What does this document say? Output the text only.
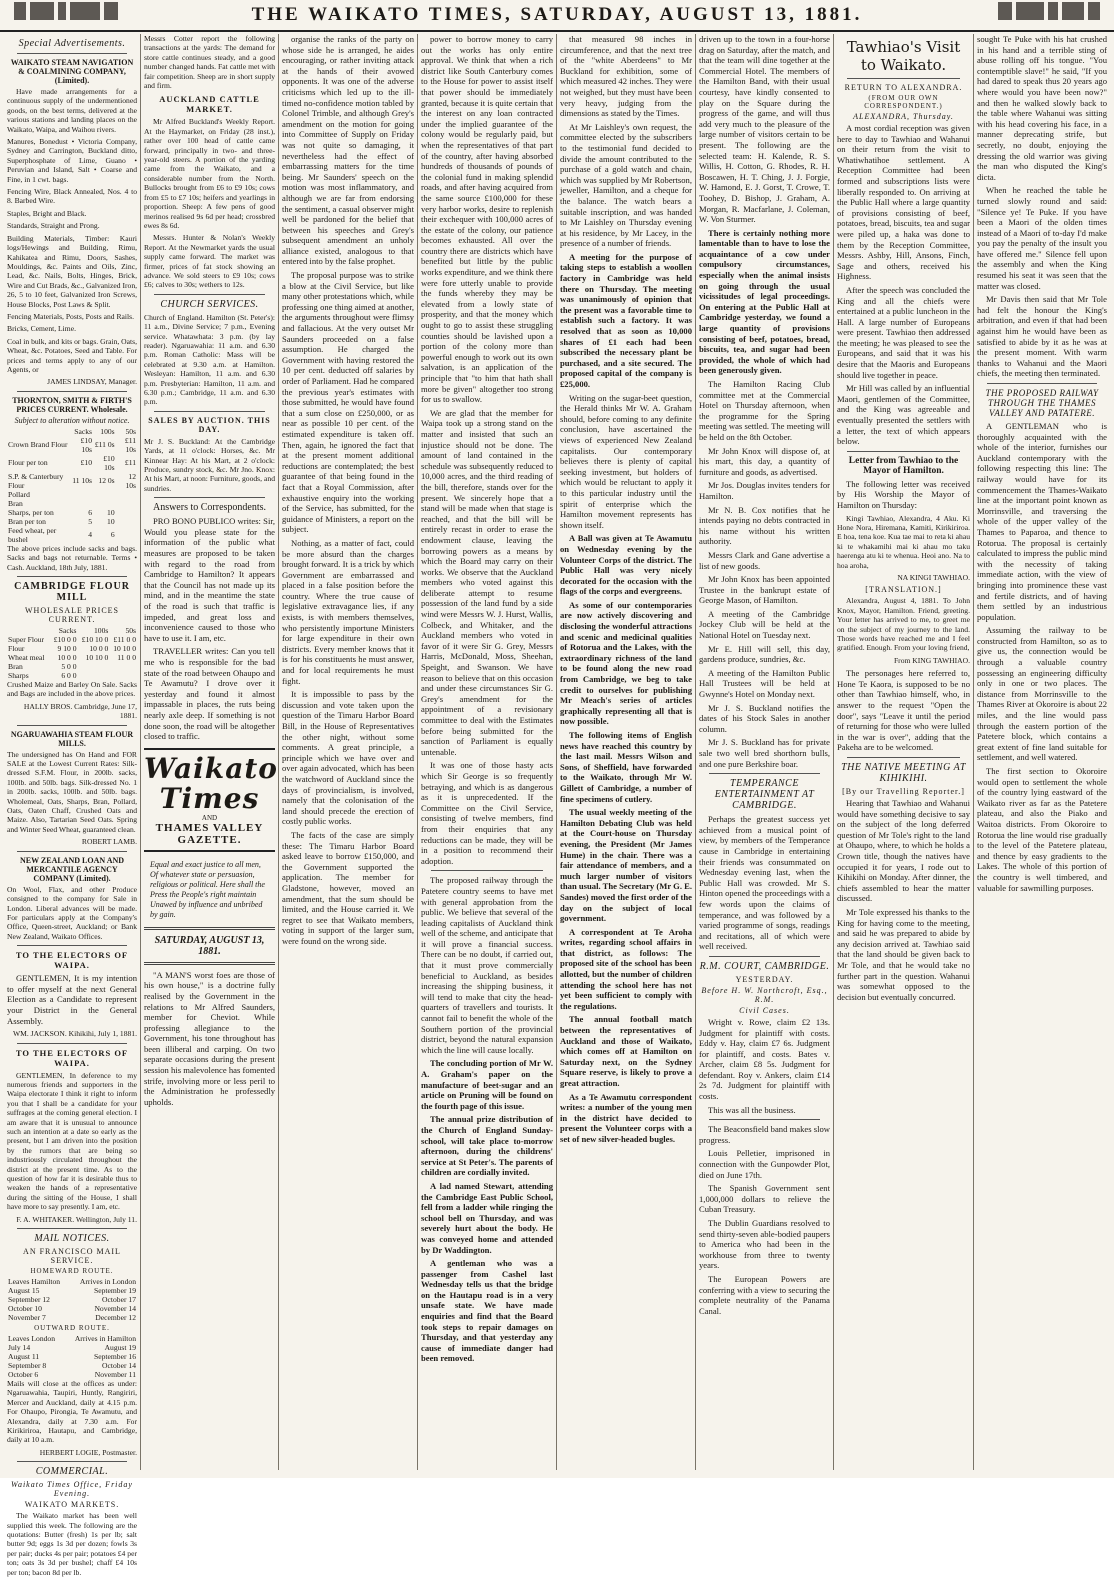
THE WAIKATO TIMES, SATURDAY, AUGUST 13, 1881.
Special Advertisements.
WAIKATO STEAM NAVIGATION & COALMINING COMPANY, (Limited).

Have made arrangements for a continuous supply of the undermentioned goods, on the best terms, delivered at the various stations and landing places on the Waikato, Waipa, and Waihou rivers.

Manures, Bonedust • Victoria Company, Sydney and Carrington, Buckland ditto, Superphosphate of Lime, Guano • Peruvian and Island, Salt • Coarse and Fine, in 1 cwt. bags.

Fencing Wire, Black Annealed, Nos. 4 to 8. Barbed Wire.

Staples, Bright and Black.

Standards, Straight and Prong.

Building Materials, Timber: Kauri logs/Hewings and Building, Rimu, Kahikatea and Rimu, Doors, Sashes, Mouldings, &c. Paints and Oils, Zinc, Lead, &c. Nails, Bolts, Hinges, Brick, Wire and Cut Brads, &c., Galvanized Iron, 26, 5 to 10 feet, Galvanized Iron Screws, House Blocks, Post Laws & Split.

Fencing Materials, Posts, Posts and Rails.

Bricks, Cement, Lime.

Coal in bulk, and kits or bags. Grain, Oats, Wheat, &c. Potatoes, Seed and Table. For prices and terms apply to any of our Agents, or

JAMES LINDSAY, Manager.

THORNTON, SMITH & FIRTH'S PRICES CURRENT. Wholesale.
Subject to alteration without notice.
	Sacks	100s	50s
Crown Brand Flour	£10 10s	£11 0s	£11 10s
Flour per ton	£10	£10 10s	£11
S.P. & Canterbury Flour	11 10s	12 0s	12 10s
Pollard			
Bran			
Sharps, per ton	6	10	
Bran per ton	5	10	
Feed wheat, per bushel	4	6	

The above prices include sacks and bags. Sacks and bags not returnable. Terms • Cash. Auckland, 18th July, 1881.

CAMBRIDGE FLOUR MILL
WHOLESALE PRICES CURRENT.
	Sacks	100s	50s
Super Flour	£10 0 0	£10 10 0	£11 0 0
Flour	9 10 0	10 0 0	10 10 0
Wheat meal	10 0 0	10 10 0	11 0 0
Bran	5 0 0		
Sharps	6 0 0		

Crushed Maize and Barley On Sale. Sacks and Bags are included in the above prices.

HALLY BROS. Cambridge, June 17, 1881.

NGARUAWAHIA STEAM FLOUR MILLS.

The undersigned has On Hand and FOR SALE at the Lowest Current Rates: Silk-dressed S.F.M. Flour, in 200lb. sacks, 100lb. and 50lb. bags. Silk-dressed No. 1 in 200lb. sacks, 100lb. and 50lb. bags. Wholemeal, Oats, Sharps, Bran, Pollard, Oats, Oaten Chaff, Crushed Oats and Maize. Also, Tartarian Seed Oats. Spring and Winter Seed Wheat, guaranteed clean.

ROBERT LAMB.

NEW ZEALAND LOAN AND MERCANTILE AGENCY COMPANY (Limited).

On Wool, Flax, and other Produce consigned to the company for Sale in London. Liberal advances will be made. For particulars apply at the Company's Office, Queen-street, Auckland; or Bank New Zealand, Waikato Offices.

TO THE ELECTORS OF WAIPA.

GENTLEMEN, It is my intention to offer myself at the next General Election as a Candidate to represent your District in the General Assembly.

WM. JACKSON. Kihikihi, July 1, 1881.

TO THE ELECTORS OF WAIPA.

GENTLEMEN, In deference to my numerous friends and supporters in the Waipa electorate I think it right to inform you that I shall be a candidate for your suffrages at the coming general election. I am aware that it is unusual to announce such an intention at a date so early as the present, but I am driven into the position by the rumors that are being so industriously circulated throughout the district at the present time. As to the question of how far it is desirable thus to weaken the hands of a representative during the sitting of the House, I shall have more to say presently. I am, etc.

F. A. WHITAKER. Wellington, July 11.

MAIL NOTICES.
AN FRANCISCO MAIL SERVICE.
HOMEWARD ROUTE.
Leaves Hamilton	Arrives in London
August 15	September 19
September 12	October 17
October 10	November 14
November 7	December 12
OUTWARD ROUTE.
Leaves London	Arrives in Hamilton
July 14	August 19
August 11	September 16
September 8	October 14
October 6	November 11

Mails will close at the offices as under: Ngaruawahia, Taupiri, Huntly, Rangiriri, Mercer and Auckland, daily at 4.15 p.m. For Ohaupo, Pirongia, Te Awamutu, and Alexandra, daily at 7.30 a.m. For Kirikiriroa, Hautapu, and Cambridge, daily at 10 a.m.

HERBERT LOGIE, Postmaster.

COMMERCIAL.
Waikato Times Office, Friday Evening.
WAIKATO MARKETS.

The Waikato market has been well supplied this week. The following are the quotations: Butter (fresh) 1s per lb; salt butter 9d; eggs 1s 3d per dozen; fowls 3s per pair; ducks 4s per pair; potatoes £4 per ton; oats 3s 3d per bushel; chaff £4 10s per ton; bacon 8d per lb.

Messrs Cotter report the following transactions at the yards: The demand for store cattle continues steady, and a good number changed hands. Fat cattle met with fair competition. Sheep are in short supply and firm.

AUCKLAND CATTLE MARKET.

Mr Alfred Buckland's Weekly Report. At the Haymarket, on Friday (28 inst.), rather over 100 head of cattle came forward, principally in two- and three-year-old steers. A portion of the yarding came from the Waikato, and a considerable number from the North. Bullocks brought from £6 to £9 10s; cows from £5 to £7 10s; heifers and yearlings in proportion. Sheep: A few pens of good merinos realised 9s 6d per head; crossbred ewes 8s 6d.

Messrs. Hunter & Nolan's Weekly Report. At the Newmarket yards the usual supply came forward. The market was firmer, prices of fat stock showing an advance. We sold steers to £9 10s; cows £6; calves to 30s; wethers to 12s.

CHURCH SERVICES.

Church of England. Hamilton (St. Peter's): 11 a.m., Divine Service; 7 p.m., Evening service. Whatawhata: 3 p.m. (by lay reader). Ngaruawahia: 11 a.m. and 6.30 p.m. Roman Catholic: Mass will be celebrated at 9.30 a.m. at Hamilton. Wesleyan: Hamilton, 11 a.m. and 6.30 p.m. Presbyterian: Hamilton, 11 a.m. and 6.30 p.m.; Cambridge, 11 a.m. and 6.30 p.m.

SALES BY AUCTION. THIS DAY.

Mr J. S. Buckland: At the Cambridge Yards, at 11 o'clock: Horses, &c. Mr Kinnear Hay: At his Mart, at 2 o'clock: Produce, sundry stock, &c. Mr Jno. Knox: At his Mart, at noon: Furniture, goods, and sundries.

Answers to Correspondents.

PRO BONO PUBLICO writes: Sir, Would you please state for the information of the public what measures are proposed to be taken with regard to the road from Cambridge to Hamilton? It appears that the Council has not made up its mind, and in the meantime the state of the road is such that traffic is impeded, and great loss and inconvenience caused to those who have to use it. I am, etc.

TRAVELLER writes: Can you tell me who is responsible for the bad state of the road between Ohaupo and Te Awamutu? I drove over it yesterday and found it almost impassable in places, the ruts being nearly axle deep. If something is not done soon, the road will be altogether closed to traffic.

Waikato Times
AND
THAMES VALLEY GAZETTE.
Equal and exact justice to all men, Of whatever state or persuasion, religious or political. Here shall the Press the People's right maintain Unawed by influence and unbribed by gain.
SATURDAY, AUGUST 13, 1881.

"A MAN'S worst foes are those of his own house," is a doctrine fully realised by the Government in the relations to Mr Alfred Saunders, member for Cheviot. While professing allegiance to the Government, his tone throughout has been illiberal and carping. On two separate occasions during the present session his malevolence has fomented strife, involving more or less peril to the Administration he professedly upholds.

organise the ranks of the party on whose side he is arranged, he aides encouraging, or rather inviting attack at the hands of their avowed opponents. It was one of the adverse criticisms which led up to the ill-timed no-confidence motion tabled by Colonel Trimble, and although Grey's amendment on the motion for going into Committee of Supply on Friday was not quite so damaging, it nevertheless had the effect of embarrassing matters for the time being. Mr Saunders' speech on the motion was most inflammatory, and although we are far from endorsing the sentiment, a casual observer might well be pardoned for the belief that between his speeches and Grey's subsequent amendment an unholy alliance existed, analogous to that entered into by the false prophet.

The proposal purpose was to strike a blow at the Civil Service, but like many other protestations which, while professing one thing aimed at another, the arguments throughout were flimsy and fallacious. At the very outset Mr Saunders proceeded on a false assumption. He charged the Government with having restored the 10 per cent. deducted off salaries by order of Parliament. Had he compared the previous year's estimates with those submitted, he would have found that a sum close on £250,000, or as near as possible 10 per cent. of the estimated expenditure is taken off. Then, again, he ignored the fact that at the present moment additional reductions are contemplated; the best guarantee of that being found in the fact that a Royal Commission, after exhaustive enquiry into the working of the Service, has submitted, for the guidance of Ministers, a report on the subject.

Nothing, as a matter of fact, could be more absurd than the charges brought forward. It is a trick by which Government are embarrassed and placed in a false position before the country. Where the true cause of legislative extravagance lies, if any exists, is with members themselves, who persistently importune Ministers for large expenditure in their own districts. Every member knows that it is for his constituents he must answer, and for local requirements he must fight.

It is impossible to pass by the discussion and vote taken upon the question of the Timaru Harbor Board Bill, in the House of Representatives the other night, without some comments. A great principle, a principle which we have over and over again advocated, which has been the watchword of Auckland since the days of provincialism, is involved, namely that the colonisation of the land should precede the erection of costly public works.

The facts of the case are simply these: The Timaru Harbor Board asked leave to borrow £150,000, and the Government supported the application. The member for Gladstone, however, moved an amendment, that the sum should be limited, and the House carried it. We regret to see that Waikato members, voting in support of the larger sum, were found on the wrong side.

power to borrow money to carry out the works has only entire approval. We think that when a rich district like South Canterbury comes to the House for power to assist itself that power should be immediately granted, because it is quite certain that the interest on any loan contracted under the implied guarantee of the colony would be regularly paid, but when the representatives of that part of the country, after having absorbed hundreds of thousands of pounds of the colonial fund in making splendid roads, and after having acquired from the same source £100,000 for these very harbor works, desire to replenish their exchequer with 100,000 acres of the estate of the colony, our patience becomes exhausted. All over the country there are districts which have benefited but little by the public works expenditure, and we think there were fore utterly unable to provide the funds whereby they may be elevated from a lowly state of prosperity, and that the money which ought to go to assist these struggling counties should be lavished upon a portion of the colony more than powerful enough to work out its own salvation, is an application of the principle that "to him that hath shall more be given" altogether too strong for us to swallow.

We are glad that the member for Waipa took up a strong stand on the matter and insisted that such an injustice should not be done. The amount of land contained in the schedule was subsequently reduced to 10,000 acres, and the third reading of the bill, therefore, stands over for the present. We sincerely hope that a stand will be made when that stage is reached, and that the bill will be entirely recast in order to erase the endowment clause, leaving the borrowing powers as a means by which the Board may carry on their works. We observe that the Auckland members who voted against this deliberate attempt to resume possession of the land fund by a side wind were Messrs W. J. Hurst, Wallis, Colbeck, and Whitaker, and the Auckland members who voted in favor of it were Sir G. Grey, Messrs Harris, McDonald, Moss, Sheehan, Speight, and Swanson. We have reason to believe that on this occasion and under these circumstances Sir G. Grey's amendment for the appointment of a revisionary committee to deal with the Estimates before being submitted for the sanction of Parliament is equally untenable.

It was one of those hasty acts which Sir George is so frequently betraying, and which is as dangerous as it is unprecedented. If the Committee on the Civil Service, consisting of twelve members, find from their enquiries that any reductions can be made, they will be in a position to recommend their adoption.

The proposed railway through the Patetere country seems to have met with general approbation from the public. We believe that several of the leading capitalists of Auckland think well of the scheme, and anticipate that it will prove a financial success. There can be no doubt, if carried out, that it must prove commercially beneficial to Auckland, as besides increasing the shipping business, it will tend to make that city the head-quarters of travellers and tourists. It cannot fail to benefit the whole of the Southern portion of the provincial district, beyond the natural expansion which the line will cause locally.

The concluding portion of Mr W. A. Graham's paper on the manufacture of beet-sugar and an article on Pruning will be found on the fourth page of this issue.

The annual prize distribution of the Church of England Sunday-school, will take place to-morrow afternoon, during the childrens' service at St Peter's. The parents of children are cordially invited.

A lad named Stewart, attending the Cambridge East Public School, fell from a ladder while ringing the school bell on Thursday, and was severely hurt about the body. He was conveyed home and attended by Dr Waddington.

A gentleman who was a passenger from Cashel last Wednesday tells us that the bridge on the Hautapu road is in a very unsafe state. We have made enquiries and find that the Board took steps to repair damages on Thursday, and that yesterday any cause of immediate danger had been removed.

that measured 98 inches in circumference, and that the next tree of the "white Aberdeens" to Mr Buckland for exhibition, some of which measured 42 inches. They were not weighed, but they must have been very heavy, judging from the dimensions as stated by the Times.

At Mr Laishley's own request, the committee elected by the subscribers to the testimonial fund decided to divide the amount contributed to the purchase of a gold watch and chain, which was supplied by Mr Robertson, jeweller, Hamilton, and a cheque for the balance. The watch bears a suitable inscription, and was handed to Mr Laishley on Thursday evening at his residence, by Mr Lacey, in the presence of a number of friends.

A meeting for the purpose of taking steps to establish a woollen factory in Cambridge was held there on Thursday. The meeting was unanimously of opinion that the present was a favorable time to establish such a factory. It was resolved that as soon as 10,000 shares of £1 each had been subscribed the necessary plant be purchased, and a site secured. The proposed capital of the company is £25,000.

Writing on the sugar-beet question, the Herald thinks Mr W. A. Graham should, before coming to any definite conclusion, have ascertained the views of experienced New Zealand capitalists. Our contemporary believes there is plenty of capital seeking investment, but holders of which would be reluctant to apply it to this particular industry until the spirit of enterprise which the Hamilton movement represents has shown itself.

A Ball was given at Te Awamutu on Wednesday evening by the Volunteer Corps of the district. The Public Hall was very nicely decorated for the occasion with the flags of the corps and evergreens.

As some of our contemporaries are now actively discovering and disclosing the wonderful attractions and scenic and medicinal qualities of Rotorua and the Lakes, with the extraordinary richness of the land to be found along the new road from Cambridge, we beg to take credit to ourselves for publishing Mr Meach's series of articles graphically representing all that is now possible.

The following items of English news have reached this country by the last mail. Messrs Wilson and Sons, of Sheffield, have forwarded to the Waikato, through Mr W. Gillett of Cambridge, a number of fine specimens of cutlery.

The usual weekly meeting of the Hamilton Debating Club was held at the Court-house on Thursday evening, the President (Mr James Hume) in the chair. There was a fair attendance of members, and a much larger number of visitors than usual. The Secretary (Mr G. E. Sandes) moved the first order of the day on the subject of local government.

A correspondent at Te Aroha writes, regarding school affairs in that district, as follows: The proposed site of the school has been allotted, but the number of children attending the school here has not yet been sufficient to comply with the regulations.

The annual football match between the representatives of Auckland and those of Waikato, which comes off at Hamilton on Saturday next, on the Sydney Square reserve, is likely to prove a great attraction.

As a Te Awamutu correspondent writes: a number of the young men in the district have decided to present the Volunteer corps with a set of new silver-headed bugles.

driven up to the town in a four-horse drag on Saturday, after the match, and that the team will dine together at the Commercial Hotel. The members of the Hamilton Band, with their usual courtesy, have kindly consented to play on the Square during the progress of the game, and will thus add very much to the pleasure of the large number of visitors certain to be present. The following are the selected team: H. Kalende, R. S. Willis, H. Cotton, G. Rhodes, R. H. Boscawen, H. T. Ching, J. J. Forgie, W. Hamond, E. J. Gorst, T. Crowe, T. Toohey, D. Bishop, J. Graham, A. Morgan, R. Macfarlane, J. Coleman, W. Von Sturmer.

There is certainly nothing more lamentable than to have to lose the acquaintance of a cow under compulsory circumstances, especially when the animal insists on going through the usual vicissitudes of legal proceedings. On entering at the Public Hall at Cambridge yesterday, we found a large quantity of provisions consisting of beef, potatoes, bread, biscuits, tea, and sugar had been provided, the whole of which had been generously given.

The Hamilton Racing Club committee met at the Commercial Hotel on Thursday afternoon, when the programme for the Spring meeting was settled. The meeting will be held on the 8th October.

Mr John Knox will dispose of, at his mart, this day, a quantity of furniture and goods, as advertised.

Mr Jos. Douglas invites tenders for Hamilton.

Mr N. B. Cox notifies that he intends paying no debts contracted in his name without his written authority.

Messrs Clark and Gane advertise a list of new goods.

Mr John Knox has been appointed Trustee in the bankrupt estate of George Mason, of Hamilton.

A meeting of the Cambridge Jockey Club will be held at the National Hotel on Tuesday next.

Mr E. Hill will sell, this day, gardens produce, sundries, &c.

A meeting of the Hamilton Public Hall Trustees will be held at Gwynne's Hotel on Monday next.

Mr J. S. Buckland notifies the dates of his Stock Sales in another column.

Mr J. S. Buckland has for private sale two well bred shorthorn bulls, and one pure Berkshire boar.

TEMPERANCE ENTERTAINMENT AT CAMBRIDGE.

Perhaps the greatest success yet achieved from a musical point of view, by members of the Temperance cause in Cambridge in entertaining their friends was consummated on Wednesday evening last, when the Public Hall was crowded. Mr S. Hinton opened the proceedings with a few words upon the claims of temperance, and was followed by a varied programme of songs, readings and recitations, all of which were well received.

R.M. COURT, CAMBRIDGE.
YESTERDAY.
Before H. W. Northcroft, Esq., R.M.
Civil Cases.

Wright v. Rowe, claim £2 13s. Judgment for plaintiff with costs. Eddy v. Hay, claim £7 6s. Judgment for plaintiff, and costs. Bates v. Archer, claim £8 5s. Judgment for defendant. Roy v. Ankers, claim £14 2s 7d. Judgment for plaintiff with costs.

This was all the business.

The Beaconsfield band makes slow progress.

Louis Pelletier, imprisoned in connection with the Gunpowder Plot, died on June 17th.

The Spanish Government sent 1,000,000 dollars to relieve the Cuban Treasury.

The Dublin Guardians resolved to send thirty-seven able-bodied paupers to America who had been in the workhouse from three to twenty years.

The European Powers are conferring with a view to securing the complete neutrality of the Panama Canal.

Tawhiao's Visit to Waikato.
RETURN TO ALEXANDRA.
(FROM OUR OWN CORRESPONDENT.)
ALEXANDRA, Thursday.

A most cordial reception was given here to day to Tawhiao and Wahanui on their return from the visit to Whatiwhatihoe settlement. A Reception Committee had been formed and subscriptions lists were liberally responded to. On arriving at the Public Hall where a large quantity of provisions consisting of beef, potatoes, bread, biscuits, tea and sugar were piled up, a haka was done to them by the Reception Committee, Messrs. Ashby, Hill, Ansons, Finch, Sage and others, received his Highness.

After the speech was concluded the King and all the chiefs were entertained at a public luncheon in the Hall. A large number of Europeans were present. Tawhiao then addressed the meeting; he was pleased to see the Europeans, and said that it was his desire that the Maoris and Europeans should live together in peace.

Mr Hill was called by an influential Maori, gentlemen of the Committee, and the King was agreeable and eventually presented the settlers with a letter, the text of which appears below.

Letter from Tawhiao to the Mayor of Hamilton.

The following letter was received by His Worship the Mayor of Hamilton on Thursday:

Kingi Tawhiao, Alexandra, 4 Aku. Ki Hone Nora, Hiremana, Kamiti, Kirikiriroa. E hoa, tena koe. Kua tae mai to reta ki ahau ki te whakamihi mai ki ahau mo taku haerenga atu ki te whenua. Heoi ano. Na to hoa aroha,

NA KINGI TAWHIAO.

[TRANSLATION.]

Alexandra, August 4, 1881. To John Knox, Mayor, Hamilton. Friend, greeting. Your letter has arrived to me, to greet me on the subject of my journey to the land. Those words have reached me and I feel gratified. Enough. From your loving friend,

From KING TAWHIAO.

The personages here referred to, Hone Te Kaora, is supposed to be no other than Tawhiao himself, who, in answer to the request "Open the door", says "Leave it until the period of returning for those who were lulled in the war is over", adding that the Pakeha are to be welcomed.

THE NATIVE MEETING AT KIHIKIHI.
[By our Travelling Reporter.]

Hearing that Tawhiao and Wahanui would have something decisive to say on the subject of the long deferred question of Mr Tole's right to the land at Ohaupo, where, to which he holds a Crown title, though the natives have occupied it for years, I rode out to Kihikihi on Monday. After dinner, the chiefs assembled to hear the matter discussed.

Mr Tole expressed his thanks to the King for having come to the meeting, and said he was prepared to abide by any decision arrived at. Tawhiao said that the land should be given back to Mr Tole, and that he would take no further part in the question. Wahanui was somewhat opposed to the decision but eventually concurred.

sought Te Puke with his hat crushed in his hand and a terrible sting of abuse rolling off his tongue. "You contemptible slave!" he said, "If you had dared to speak thus 20 years ago where would you have been now?" and then he walked slowly back to the table where Wahanui was sitting with his head covering his face, in a manner deprecating strife, but secretly, no doubt, enjoying the dressing the old warrior was giving the man who disputed the King's dicta.

When he reached the table he turned slowly round and said: "Silence ye! Te Puke. If you have been a Maori of the olden times instead of a Maori of to-day I'd make you pay the penalty of the insult you have offered me." Silence fell upon the assembly and when the King resumed his seat it was seen that the matter was closed.

Mr Davis then said that Mr Tole had felt the honour the King's arbitration, and even if that had been against him he would have been as satisfied to abide by it as he was at the present moment. With warm thanks to Wahanui and the Maori chiefs, the meeting then terminated.

THE PROPOSED RAILWAY THROUGH THE THAMES VALLEY AND PATATERE.

A GENTLEMAN who is thoroughly acquainted with the whole of the interior, furnishes our Auckland contemporary with the following respecting this line: The railway would have for its commencement the Thames-Waikato line at the important point known as Morrinsville, and traversing the whole of the upper valley of the Thames to Paparoa, and thence to Rotorua. The proposal is certainly calculated to impress the public mind with the necessity of taking immediate action, with the view of bringing into prominence these vast and fertile districts, and of having them settled by an industrious population.

Assuming the railway to be constructed from Hamilton, so as to give us, the connection would be through a valuable country possessing an engineering difficulty only in one or two places. The distance from Morrinsville to the Thames River at Okoroire is about 22 miles, and the line would pass through the eastern portion of the Patetere block, which contains a great extent of fine land suitable for settlement, and well watered.

The first section to Okoroire would open to settlement the whole of the country lying eastward of the Waikato river as far as the Patetere plateau, and also the Piako and Waitoa districts. From Okoroire to Rotorua the line would rise gradually to the level of the Patetere plateau, and thence by easy gradients to the Lakes. The whole of this portion of the country is well timbered, and valuable for sawmilling purposes.
